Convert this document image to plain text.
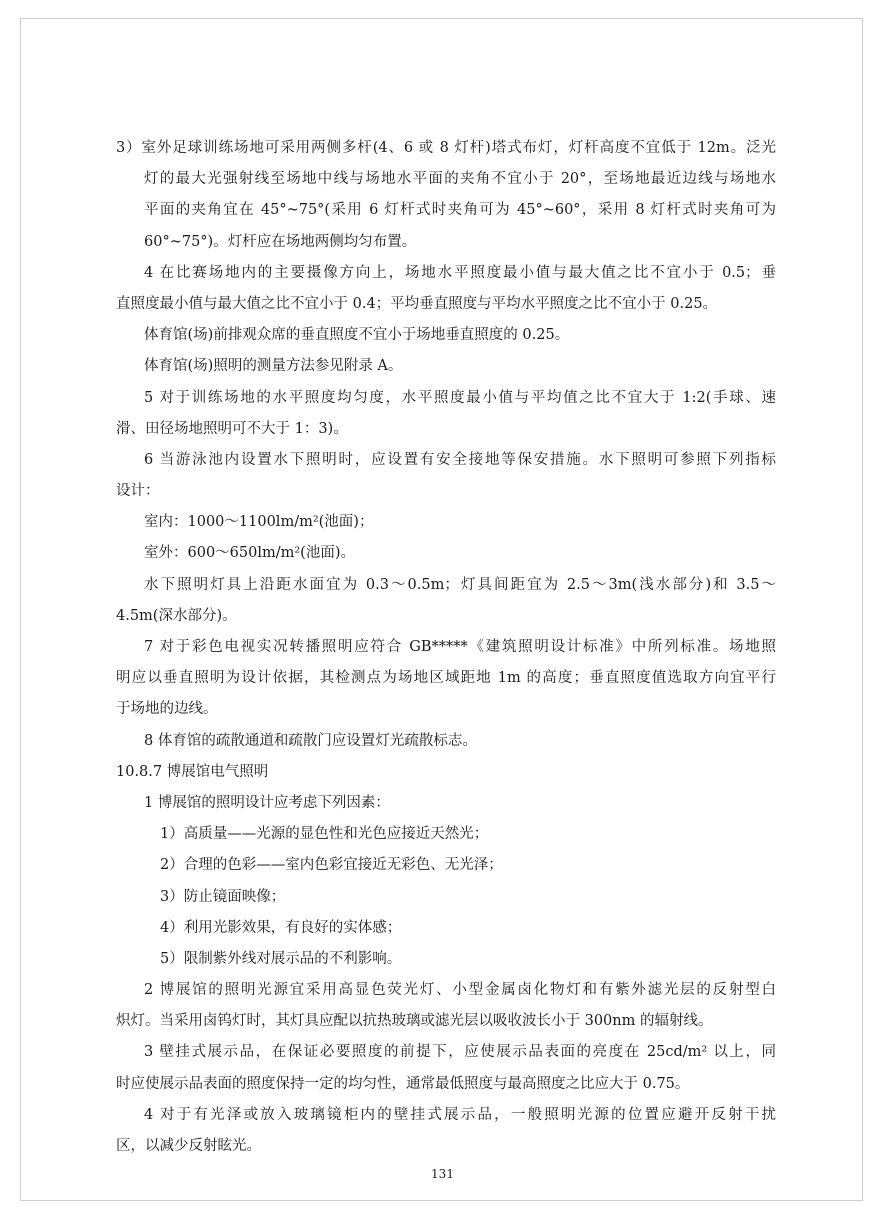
3）室外足球训练场地可采用两侧多杆(4、6 或 8 灯杆)塔式布灯，灯杆高度不宜低于 12m。泛光
灯的最大光强射线至场地中线与场地水平面的夹角不宜小于 20°，至场地最近边线与场地水
平面的夹角宜在 45°~75°(采用 6 灯杆式时夹角可为 45°~60°，采用 8 灯杆式时夹角可为
60°~75°)。灯杆应在场地两侧均匀布置。
4 在比赛场地内的主要摄像方向上，场地水平照度最小值与最大值之比不宜小于 0.5；垂
直照度最小值与最大值之比不宜小于 0.4；平均垂直照度与平均水平照度之比不宜小于 0.25。
体育馆(场)前排观众席的垂直照度不宜小于场地垂直照度的 0.25。
体育馆(场)照明的测量方法参见附录 A。
5 对于训练场地的水平照度均匀度，水平照度最小值与平均值之比不宜大于 1:2(手球、速
滑、田径场地照明可不大于 1：3)。
6 当游泳池内设置水下照明时，应设置有安全接地等保安措施。水下照明可参照下列指标
设计：
室内：1000～1100lm/m²(池面)；
室外：600～650lm/m²(池面)。
水下照明灯具上沿距水面宜为 0.3～0.5m；灯具间距宜为 2.5～3m(浅水部分)和 3.5～
4.5m(深水部分)。
7 对于彩色电视实况转播照明应符合 GB*****《建筑照明设计标准》中所列标准。场地照
明应以垂直照明为设计依据，其检测点为场地区域距地 1m 的高度；垂直照度值选取方向宜平行
于场地的边线。
8 体育馆的疏散通道和疏散门应设置灯光疏散标志。
10.8.7 博展馆电气照明
1 博展馆的照明设计应考虑下列因素：
1）高质量——光源的显色性和光色应接近天然光；
2）合理的色彩——室内色彩宜接近无彩色、无光泽；
3）防止镜面映像；
4）利用光影效果，有良好的实体感；
5）限制紫外线对展示品的不利影响。
2 博展馆的照明光源宜采用高显色荧光灯、小型金属卤化物灯和有紫外滤光层的反射型白
炽灯。当采用卤钨灯时，其灯具应配以抗热玻璃或滤光层以吸收波长小于 300nm 的辐射线。
3 壁挂式展示品，在保证必要照度的前提下，应使展示品表面的亮度在 25cd/m² 以上，同
时应使展示品表面的照度保持一定的均匀性，通常最低照度与最高照度之比应大于 0.75。
4 对于有光泽或放入玻璃镜柜内的壁挂式展示品，一般照明光源的位置应避开反射干扰
区，以减少反射眩光。
131
